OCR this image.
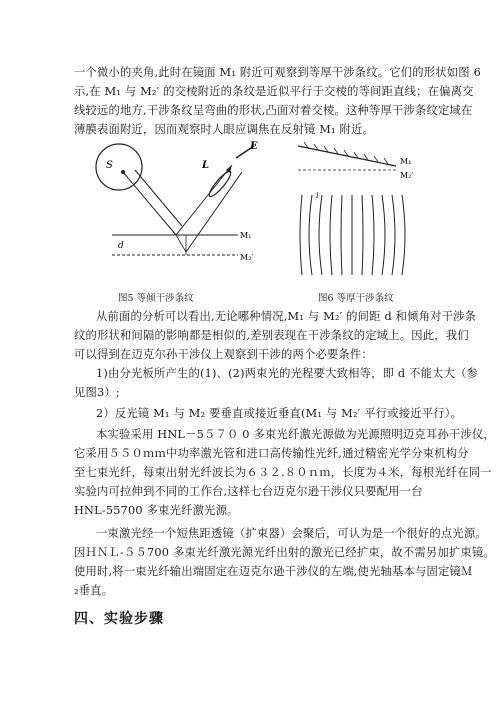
一个微小的夹角,此时在镜面 M₁ 附近可观察到等厚干涉条纹。它们的形状如图 6
示,在 M₁ 与 M₂′ 的交棱附近的条纹是近似平行于交棱的等间距直线；在偏离交
线较远的地方,干涉条纹呈弯曲的形状,凸面对着交棱。这种等厚干涉条纹定域在
薄膜表面附近，因而观察时人眼应调焦在反射镜 M₁ 附近。
S	L
E
d
M₁
M₂′
图5 等倾干涉条纹
M₁
M₂′
i
图6 等厚干涉条纹
从前面的分析可以看出,无论哪种情况,M₁ 与 M₂′ 的间距 d 和倾角对干涉条
纹的形状和间隔的影响都是相似的,差别表现在干涉条纹的定域上。因此，我们
可以得到在迈克尔孙干涉仪上观察到干涉的两个必要条件：
1)由分光板所产生的(1)、(2)两束光的光程要大致相等，即 d 不能太大（参
见图3）;
2）反光镜 M₁ 与 M₂ 要垂直或接近垂直(M₁ 与 M₂′ 平行或接近平行）。
本实验采用 HNL－5５７０ 0 多束光纤激光源做为光源照明迈克耳孙干涉仪，
它采用５５０ｍｍ中功率激光管和进口高传输性光纤,通过精密光学分束机构分
至七束光纤，每束出射光纤波长为６３２.８０ｎｍ，长度为４米，每根光纤在同一
实验内可拉伸到不同的工作台,这样七台迈克尔逊干涉仪只要配用一台
HNL-55700 多束光纤激光源。
一束激光经一个短焦距透镜（扩束器）会聚后，可认为是一个很好的点光源。
因ＨＮＬ-５５700 多束光纤激光源光纤出射的激光已经扩束，故不需另加扩束镜。
使用时,将一束光纤输出端固定在迈克尔逊干涉仪的左端,使光轴基本与固定镜Ｍ
₂垂直。
四、实验步骤
